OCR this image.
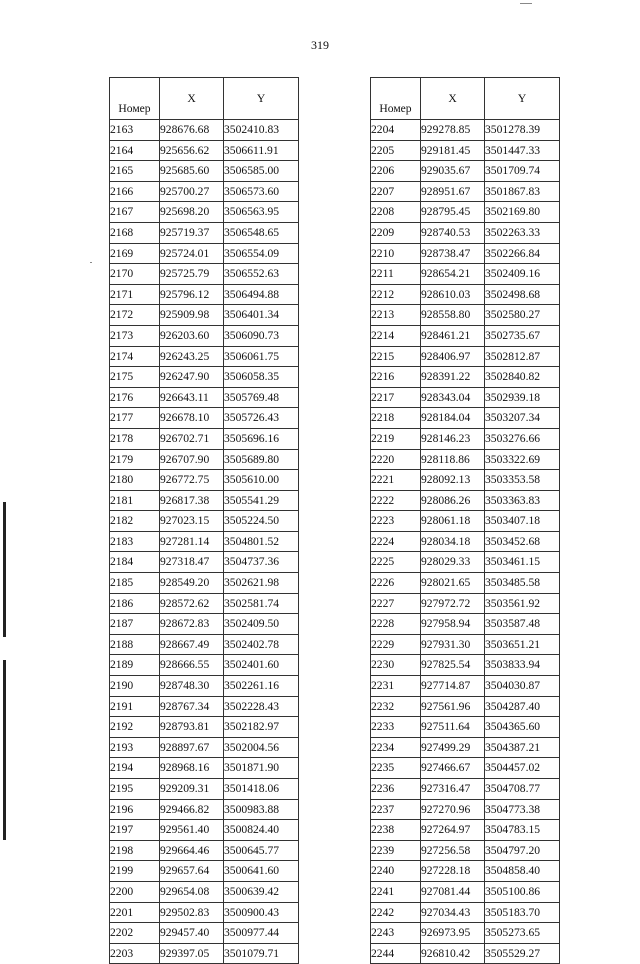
319
Номер	X	Y
2163	928676.68	3502410.83
2164	925656.62	3506611.91
2165	925685.60	3506585.00
2166	925700.27	3506573.60
2167	925698.20	3506563.95
2168	925719.37	3506548.65
2169	925724.01	3506554.09
2170	925725.79	3506552.63
2171	925796.12	3506494.88
2172	925909.98	3506401.34
2173	926203.60	3506090.73
2174	926243.25	3506061.75
2175	926247.90	3506058.35
2176	926643.11	3505769.48
2177	926678.10	3505726.43
2178	926702.71	3505696.16
2179	926707.90	3505689.80
2180	926772.75	3505610.00
2181	926817.38	3505541.29
2182	927023.15	3505224.50
2183	927281.14	3504801.52
2184	927318.47	3504737.36
2185	928549.20	3502621.98
2186	928572.62	3502581.74
2187	928672.83	3502409.50
2188	928667.49	3502402.78
2189	928666.55	3502401.60
2190	928748.30	3502261.16
2191	928767.34	3502228.43
2192	928793.81	3502182.97
2193	928897.67	3502004.56
2194	928968.16	3501871.90
2195	929209.31	3501418.06
2196	929466.82	3500983.88
2197	929561.40	3500824.40
2198	929664.46	3500645.77
2199	929657.64	3500641.60
2200	929654.08	3500639.42
2201	929502.83	3500900.43
2202	929457.40	3500977.44
2203	929397.05	3501079.71
Номер	X	Y
2204	929278.85	3501278.39
2205	929181.45	3501447.33
2206	929035.67	3501709.74
2207	928951.67	3501867.83
2208	928795.45	3502169.80
2209	928740.53	3502263.33
2210	928738.47	3502266.84
2211	928654.21	3502409.16
2212	928610.03	3502498.68
2213	928558.80	3502580.27
2214	928461.21	3502735.67
2215	928406.97	3502812.87
2216	928391.22	3502840.82
2217	928343.04	3502939.18
2218	928184.04	3503207.34
2219	928146.23	3503276.66
2220	928118.86	3503322.69
2221	928092.13	3503353.58
2222	928086.26	3503363.83
2223	928061.18	3503407.18
2224	928034.18	3503452.68
2225	928029.33	3503461.15
2226	928021.65	3503485.58
2227	927972.72	3503561.92
2228	927958.94	3503587.48
2229	927931.30	3503651.21
2230	927825.54	3503833.94
2231	927714.87	3504030.87
2232	927561.96	3504287.40
2233	927511.64	3504365.60
2234	927499.29	3504387.21
2235	927466.67	3504457.02
2236	927316.47	3504708.77
2237	927270.96	3504773.38
2238	927264.97	3504783.15
2239	927256.58	3504797.20
2240	927228.18	3504858.40
2241	927081.44	3505100.86
2242	927034.43	3505183.70
2243	926973.95	3505273.65
2244	926810.42	3505529.27
